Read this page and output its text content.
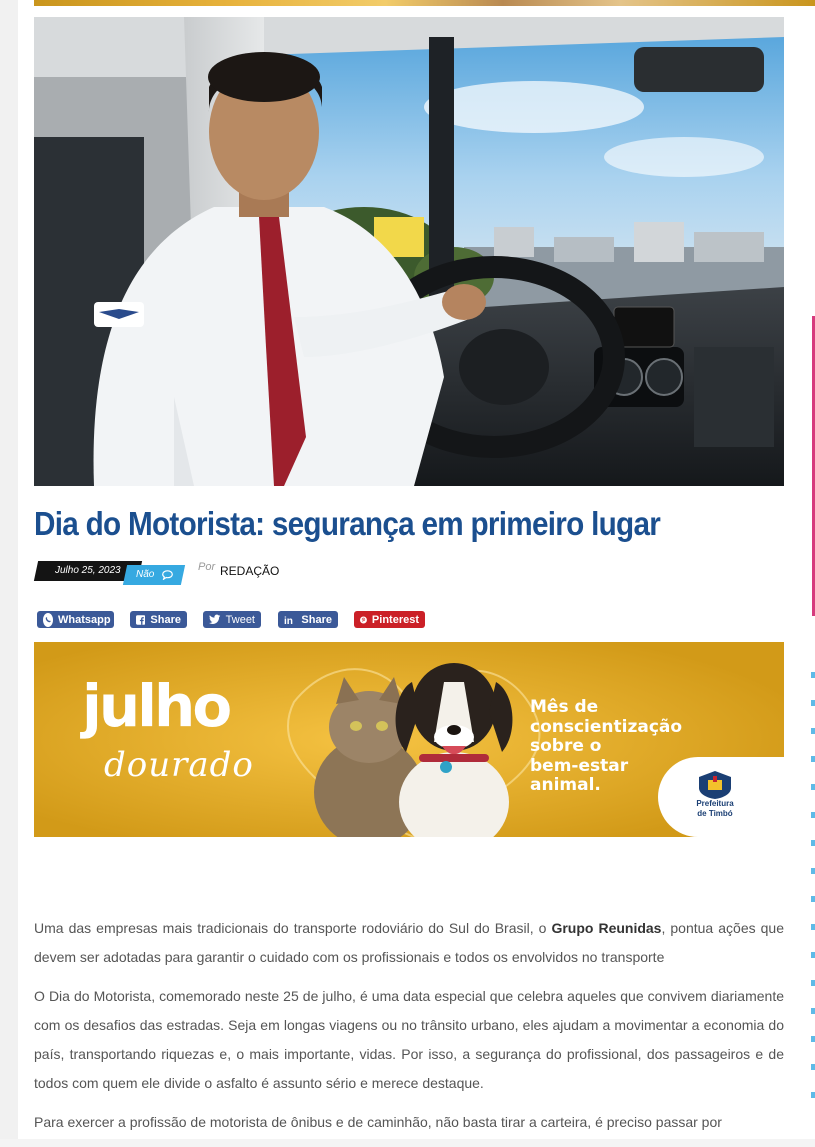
Dia do Motorista: segurança em primeiro lugar
Julho 25, 2023	Não
Por REDAÇÃO
Whatsapp	Share	Tweet in Share	Pinterest
julho
dourado

Mês de
conscientização
sobre o
bem-estar
animal.

Prefeitura
de Timbó

Uma das empresas mais tradicionais do transporte rodoviário do Sul do Brasil, o Grupo Reunidas, pontua ações que devem ser adotadas para garantir o cuidado com os profissionais e todos os envolvidos no transporte

O Dia do Motorista, comemorado neste 25 de julho, é uma data especial que celebra aqueles que convivem diariamente com os desafios das estradas. Seja em longas viagens ou no trânsito urbano, eles ajudam a movimentar a economia do país, transportando riquezas e, o mais importante, vidas. Por isso, a segurança do profissional, dos passageiros e de todos com quem ele divide o asfalto é assunto sério e merece destaque.

Para exercer a profissão de motorista de ônibus e de caminhão, não basta tirar a carteira, é preciso passar por
